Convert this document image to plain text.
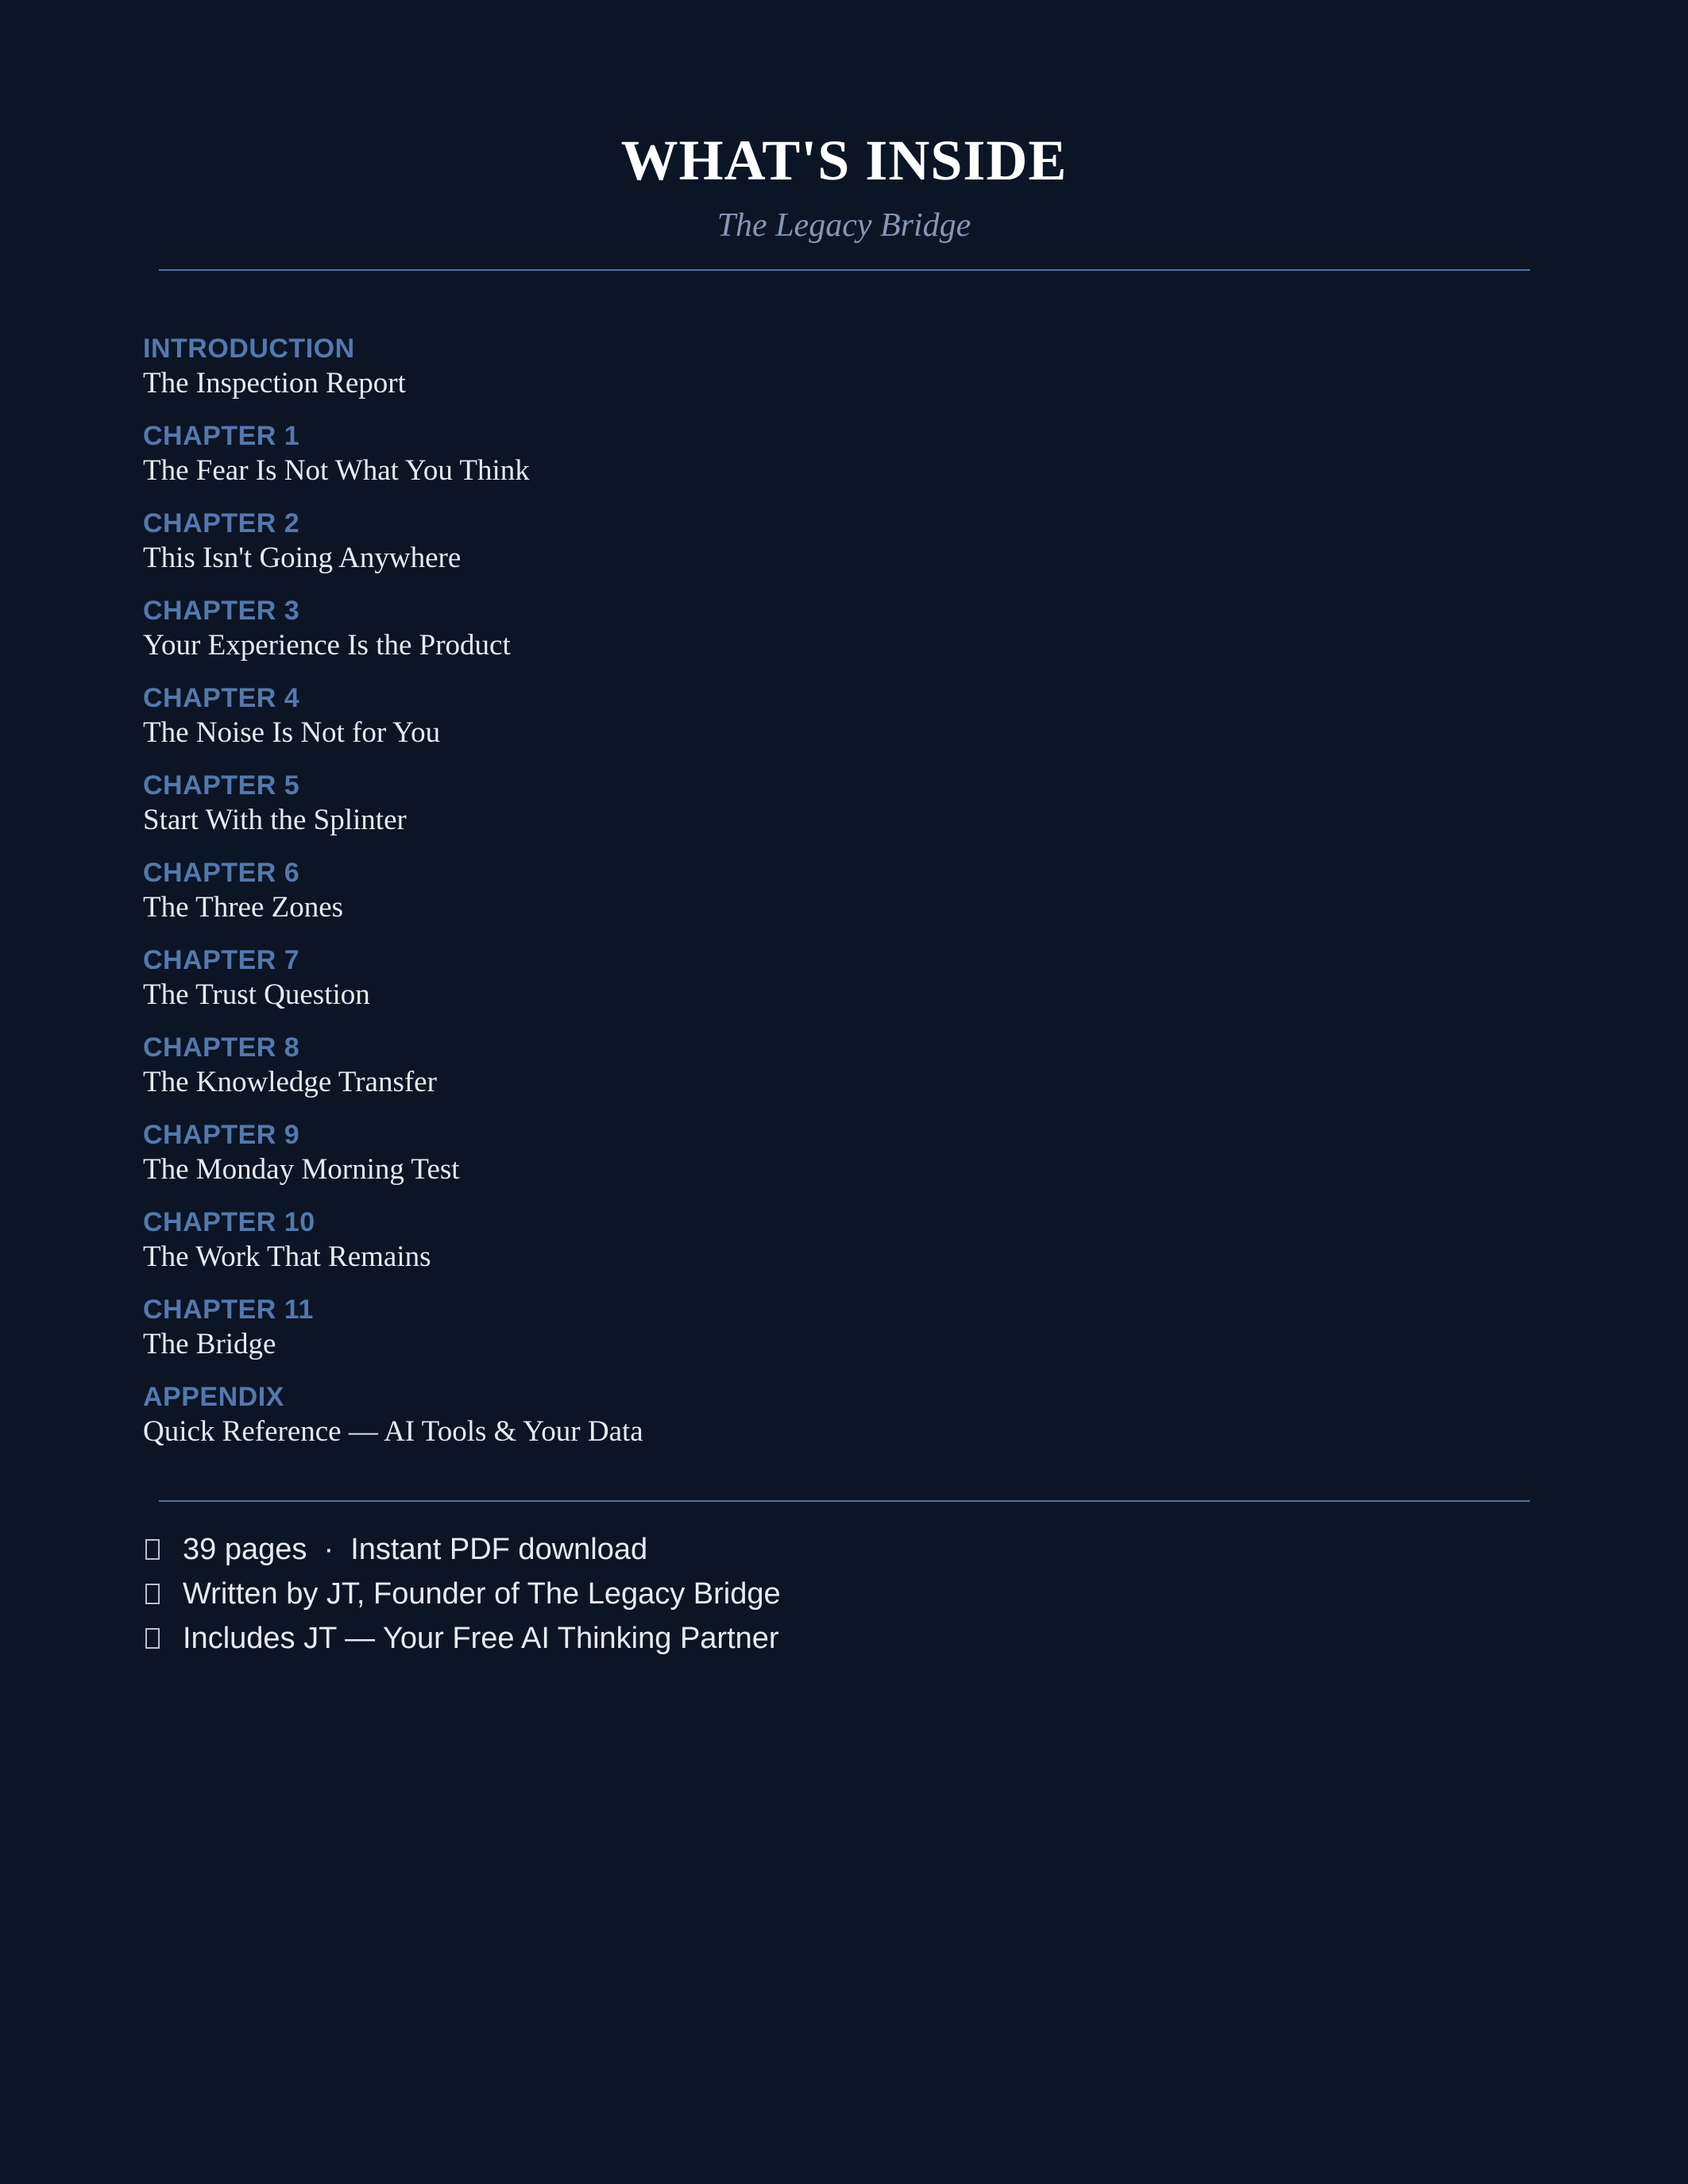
WHAT'S INSIDE
The Legacy Bridge
INTRODUCTION
The Inspection Report
CHAPTER 1
The Fear Is Not What You Think
CHAPTER 2
This Isn't Going Anywhere
CHAPTER 3
Your Experience Is the Product
CHAPTER 4
The Noise Is Not for You
CHAPTER 5
Start With the Splinter
CHAPTER 6
The Three Zones
CHAPTER 7
The Trust Question
CHAPTER 8
The Knowledge Transfer
CHAPTER 9
The Monday Morning Test
CHAPTER 10
The Work That Remains
CHAPTER 11
The Bridge
APPENDIX
Quick Reference — AI Tools & Your Data
39 pages  ·  Instant PDF download
Written by JT, Founder of The Legacy Bridge
Includes JT — Your Free AI Thinking Partner
